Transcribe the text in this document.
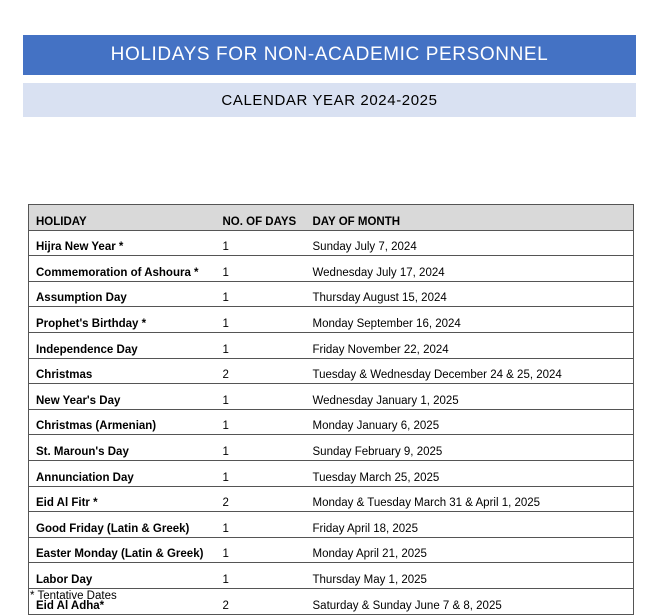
HOLIDAYS FOR NON-ACADEMIC PERSONNEL
CALENDAR YEAR 2024-2025
HOLIDAY	NO. OF DAYS	DAY OF MONTH
Hijra New Year *	1	Sunday July 7, 2024
Commemoration of Ashoura *	1	Wednesday July 17, 2024
Assumption Day	1	Thursday August 15, 2024
Prophet's Birthday *	1	Monday September 16, 2024
Independence Day	1	Friday November 22, 2024
Christmas	2	Tuesday & Wednesday December 24 & 25, 2024
New Year's Day	1	Wednesday January 1, 2025
Christmas (Armenian)	1	Monday January 6, 2025
St. Maroun's Day	1	Sunday February 9, 2025
Annunciation Day	1	Tuesday March 25, 2025
Eid Al Fitr *	2	Monday & Tuesday March 31 & April 1, 2025
Good Friday (Latin & Greek)	1	Friday April 18, 2025
Easter Monday (Latin & Greek)	1	Monday April 21, 2025
Labor Day	1	Thursday May 1, 2025
Eid Al Adha*	2	Saturday & Sunday June 7 & 8, 2025
* Tentative Dates
